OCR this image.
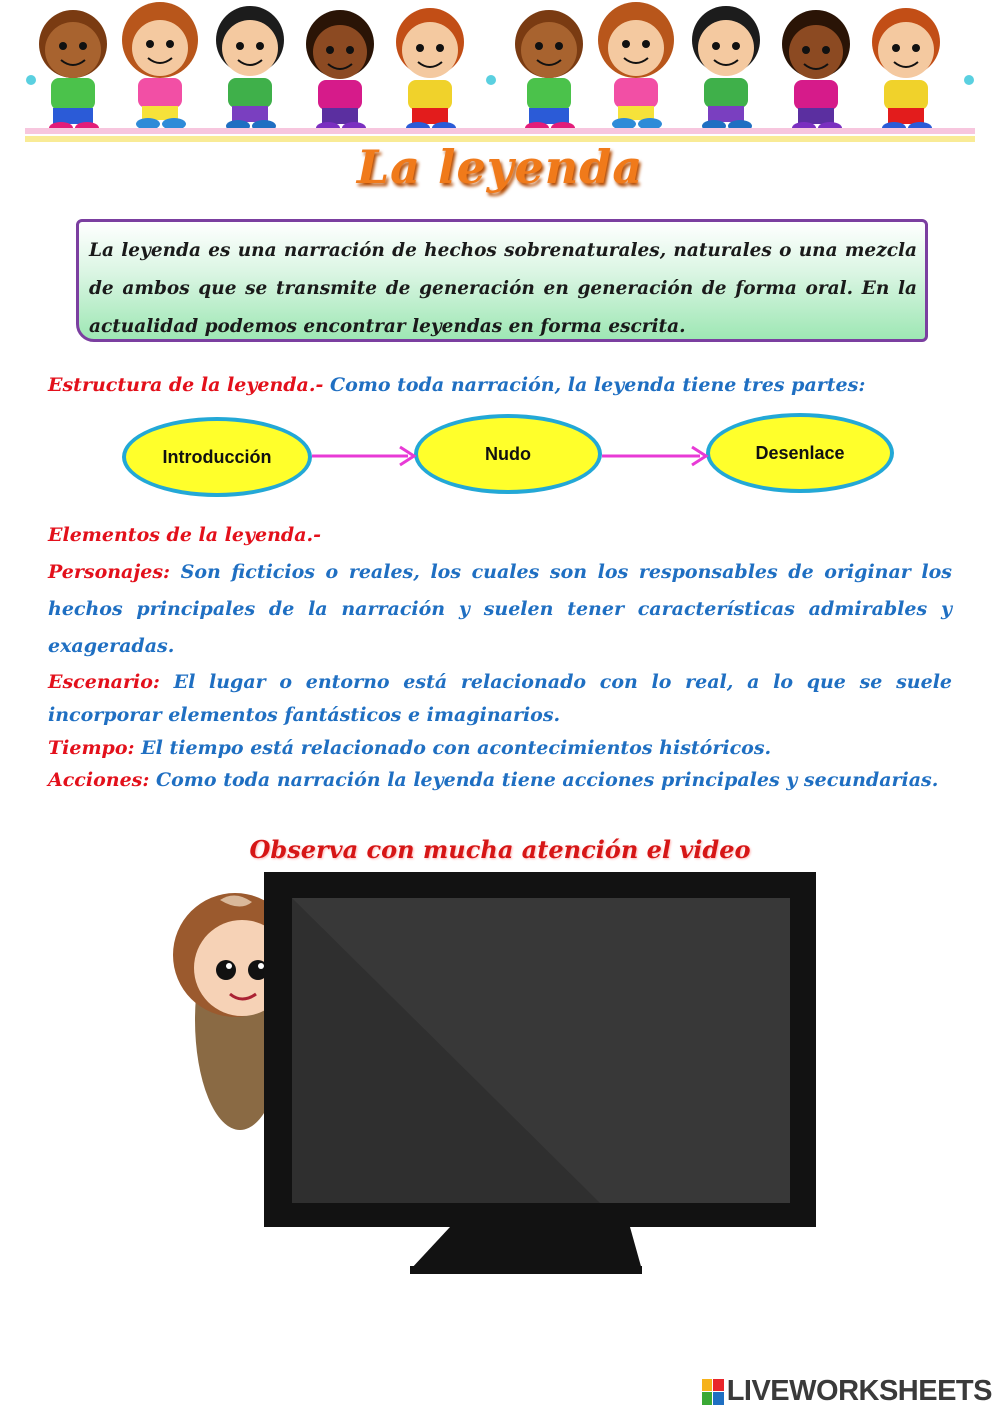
La leyenda

La leyenda es una narración de hechos sobrenaturales, naturales o una mezcla de ambos que se transmite de generación en generación de forma oral. En la actualidad podemos encontrar leyendas en forma escrita.

Estructura de la leyenda.- Como toda narración, la leyenda tiene tres partes:

Introducción	Nudo	Desenlace

Elementos de la leyenda.-

Personajes: Son ficticios o reales, los cuales son los responsables de originar los hechos principales de la narración y suelen tener características admirables y exageradas.

Escenario: El lugar o entorno está relacionado con lo real, a lo que se suele incorporar elementos fantásticos e imaginarios.

Tiempo: El tiempo está relacionado con acontecimientos históricos.

Acciones: Como toda narración la leyenda tiene acciones principales y secundarias.

Observa con mucha atención el video
LIVEWORKSHEETS
